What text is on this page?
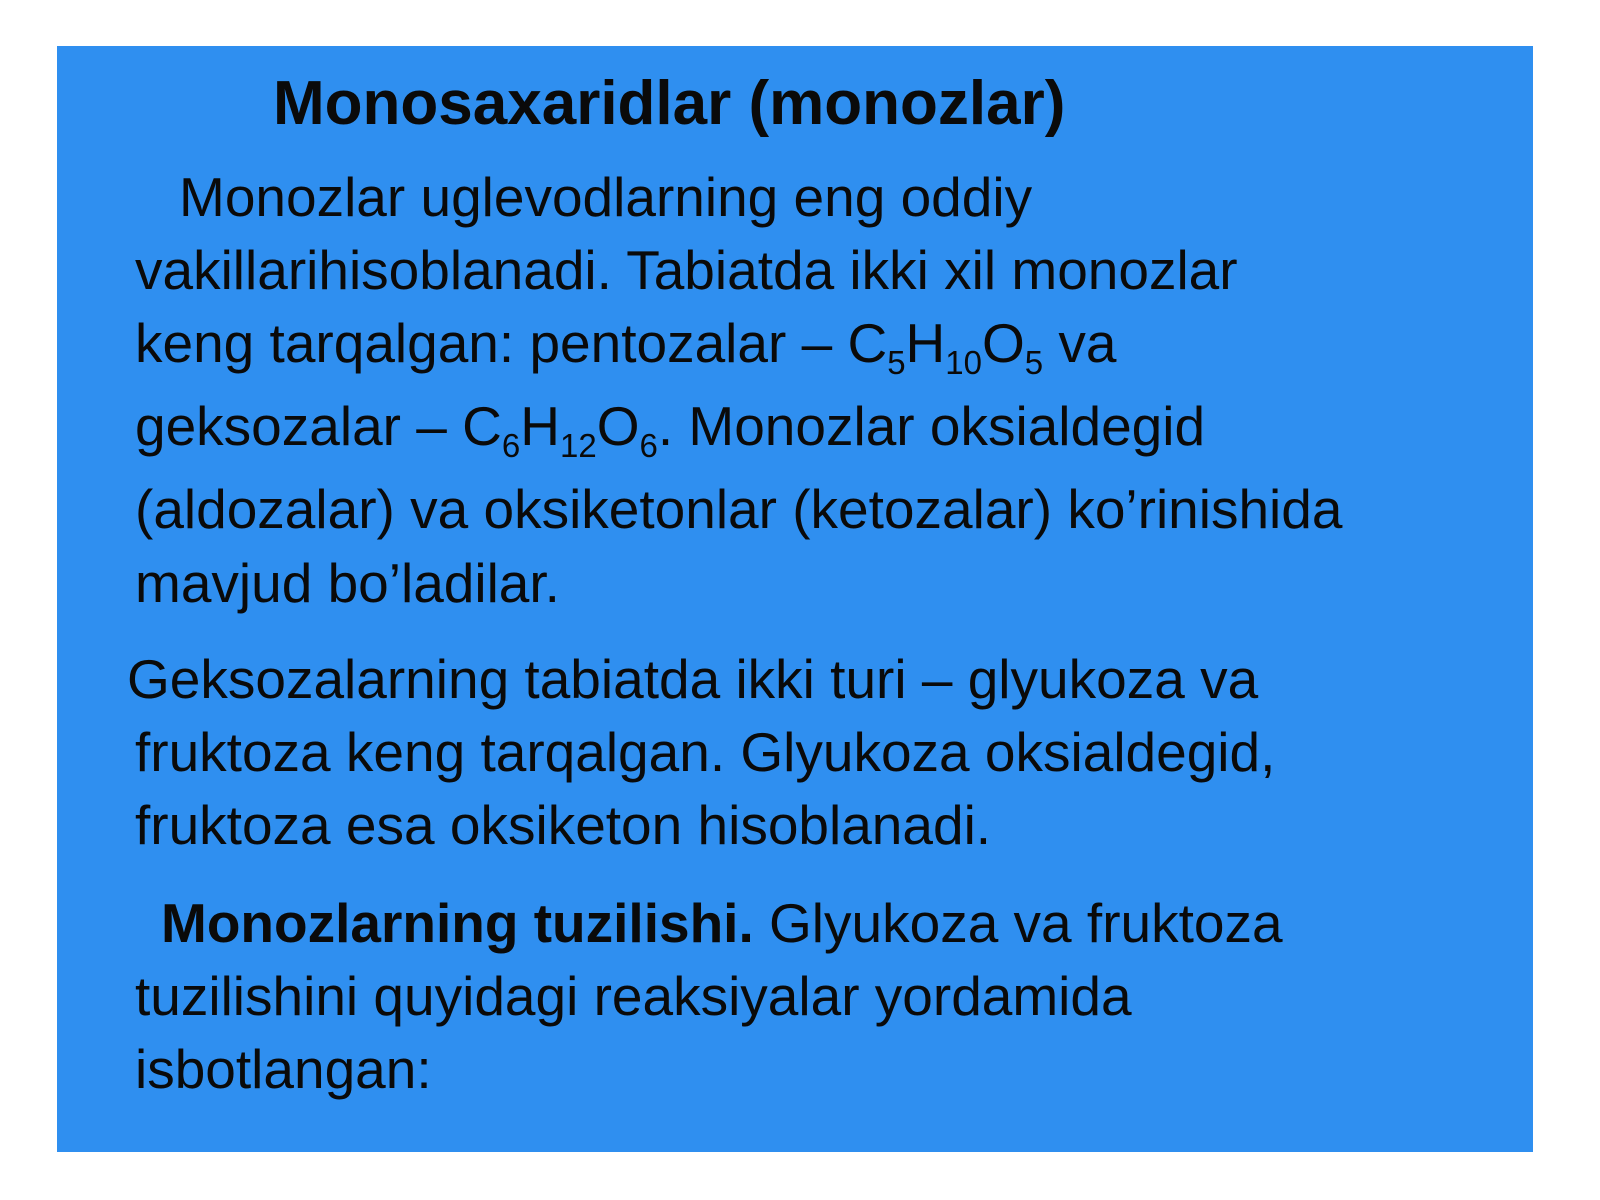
Monosaxaridlar (monozlar)
Monozlar uglevodlarning eng oddiy
vakillarihisoblanadi. Tabiatda ikki xil monozlar
keng tarqalgan: pentozalar – $C_5H_{10}O_5$ va
geksozalar – $C_6H_{12}O_6$. Monozlar oksialdegid
(aldozalar) va oksiketonlar (ketozalar) ko’rinishida
mavjud bo’ladilar.
Geksozalarning tabiatda ikki turi – glyukoza va
fruktoza keng tarqalgan. Glyukoza oksialdegid,
fruktoza esa oksiketon hisoblanadi.
Monozlarning tuzilishi. Glyukoza va fruktoza
tuzilishini quyidagi reaksiyalar yordamida
isbotlangan:
